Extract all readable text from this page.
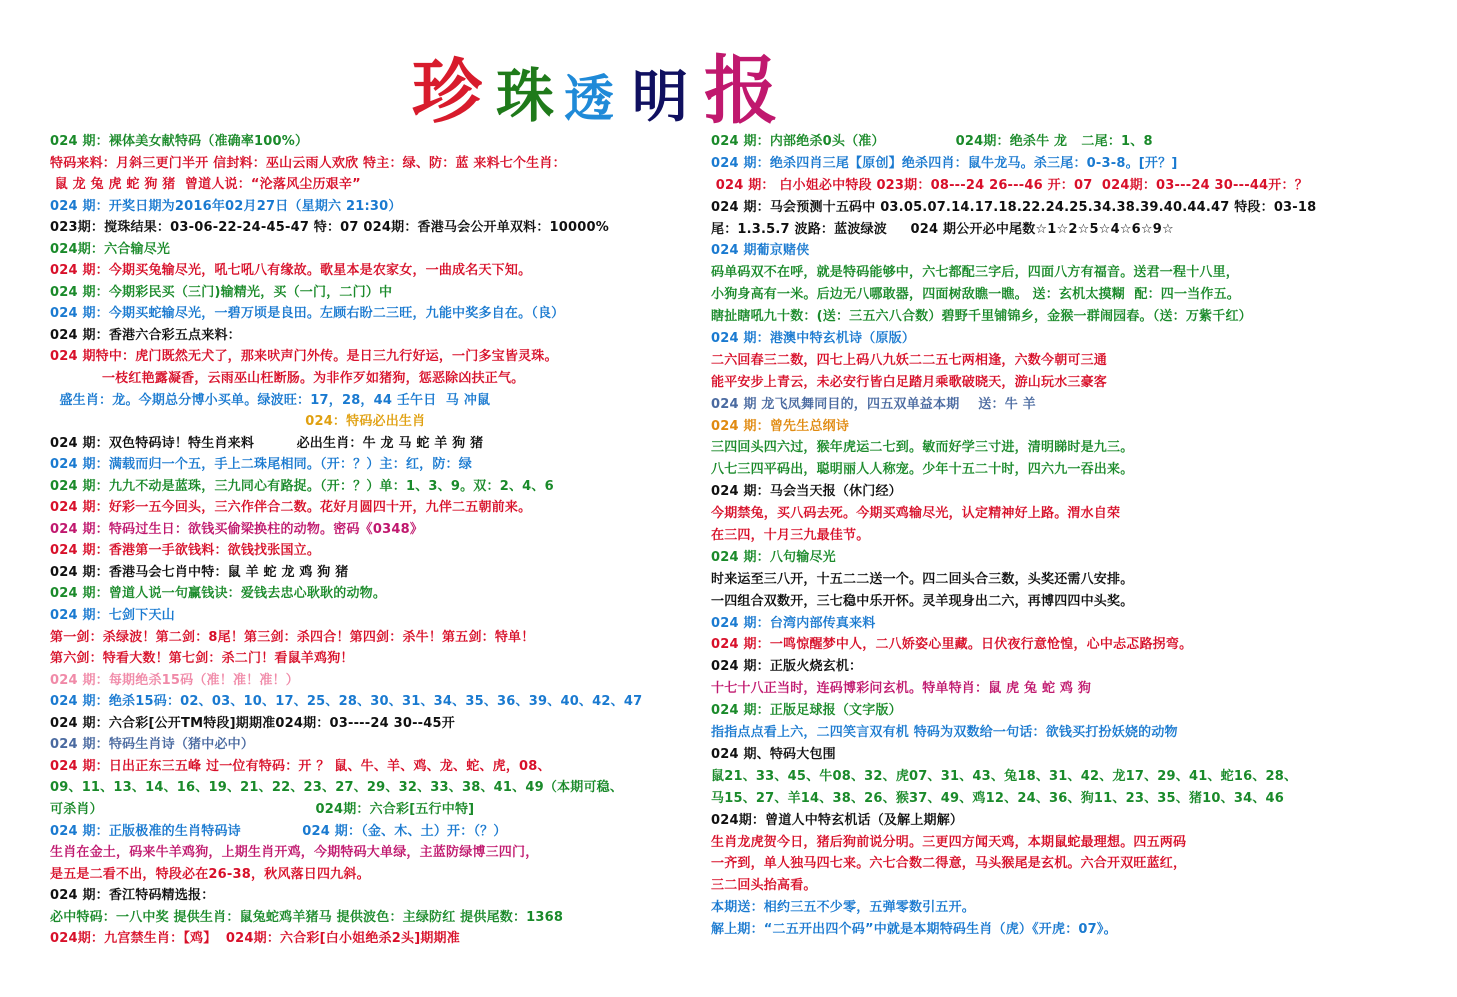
珍 珠 透 明 报
024 期：裸体美女献特码（准确率100%）
特码来料：月斜三更门半开 信封料：巫山云雨人欢欣 特主：绿、防：蓝 来料七个生肖：
鼠 龙 兔 虎 蛇 狗 猪  曾道人说：“沦落风尘历艰辛”
024 期：开奖日期为2016年02月27日（星期六 21:30）
023期：搅珠结果：03-06-22-24-45-47 特：07 024期：香港马会公开单双料：10000%
024期：六合输尽光
024 期：今期买兔输尽光，吼七吼八有缘故。歌星本是农家女，一曲成名天下知。
024 期：今期彩民买（三门)输精光，买（一门，二门）中
024 期：今期买蛇输尽光，一碧万顷是良田。左顾右盼二三旺，九能中奖多自在。（良）
024 期：香港六合彩五点来料：
024 期特中：虎门既然无犬了，那来吠声门外传。是日三九行好运，一门多宝皆灵珠。
一枝红艳露凝香，云雨巫山枉断肠。为非作歹如猪狗，惩恶除凶扶正气。
盛生肖：龙。今期总分博小买单。绿波旺：17，28，44 壬午日  马 冲鼠
024：特码必出生肖
024 期：双色特码诗！特生肖来料         必出生肖：牛 龙 马 蛇 羊 狗 猪
024 期：满载而归一个五，手上二珠尾相同。（开：？）主：红，防：绿
024 期：九九不动是蓝珠，三九同心有路捉。（开：？）单：1、3、9。双：2、4、6
024 期：好彩一五今回头，三六作伴合二数。花好月圆四十开，九伴二五朝前来。
024 期：特码过生日：欲钱买偷梁换柱的动物。密码《0348》
024 期：香港第一手欲钱料：欲钱找张国立。
024 期：香港马会七肖中特：鼠 羊 蛇 龙 鸡 狗 猪
024 期：曾道人说一句赢钱诀：爱钱去忠心耿耿的动物。
024 期：七剑下天山
第一剑：杀绿波！第二剑：8尾！第三剑：杀四合！第四剑：杀牛！第五剑：特单！
第六剑：特看大数！第七剑：杀二门！看鼠羊鸡狗！
024 期：每期绝杀15码（准！准！准！）
024 期：绝杀15码：02、03、10、17、25、28、30、31、34、35、36、39、40、42、47
024 期：六合彩[公开TM特段]期期准024期：03----24 30--45开
024 期：特码生肖诗（猪中必中）
024 期：日出正东三五峰 过一位有特码：开 ？ 鼠、牛、羊、鸡、龙、蛇、虎，08、
09、11、13、14、16、19、21、22、23、27、29、32、33、38、41、49（本期可稳、
可杀肖）                                             024期：六合彩[五行中特]
024 期：正版极准的生肖特码诗             024 期：（金、木、土）开：（？）
生肖在金土，码来牛羊鸡狗，上期生肖开鸡，今期特码大单绿，主蓝防绿博三四门，
是五是二看不出，特段必在26-38，秋风落日四九斜。
024 期：香江特码精选报：
必中特码：一八中奖 提供生肖：鼠兔蛇鸡羊猪马 提供波色：主绿防红 提供尾数：1368
024期：九宫禁生肖：【鸡】  024期：六合彩[白小姐绝杀2头]期期准
024 期：内部绝杀0头（准）               024期：绝杀牛 龙   二尾：1、8
024 期：绝杀四肖三尾【原创】绝杀四肖：鼠牛龙马。杀三尾：0-3-8。[开？]
024 期： 白小姐必中特段 023期：08---24 26---46 开：07  024期：03---24 30---44开：？
024 期：马会预测十五码中 03.05.07.14.17.18.22.24.25.34.38.39.40.44.47 特段：03-18
尾：1.3.5.7 波路：蓝波绿波     024 期公开必中尾数☆1☆2☆5☆4☆6☆9☆
024 期葡京赌侠
码单码双不在呼，就是特码能够中，六七都配三字后，四面八方有福音。送君一程十八里，
小狗身高有一米。后边无八哪敢器，四面树敌瞧一瞧。 送：玄机太摸糊  配：四一当作五。
瞎扯瞎吼九十数：(送：三五六八合数）碧野千里铺锦乡，金猴一群闹园春。（送：万紫千红）
024 期：港澳中特玄机诗（原版）
二六回春三二数，四七上码八九妖二二五七两相逢，六数今朝可三通
能平安步上青云，未必安行皆白足踏月乘歌破晓天，游山玩水三豪客
024 期 龙飞凤舞同目的，四五双单益本期    送：牛 羊
024 期：曾先生总纲诗
三四回头四六过，猴年虎运二七到。敏而好学三寸进，清明睇时是九三。
八七三四平码出，聪明丽人人称宠。少年十五二十时，四六九一吞出来。
024 期：马会当天报（休门经）
今期禁兔，买八码去死。今期买鸡输尽光，认定精神好上路。渭水自荣
在三四，十月三九最佳节。
024 期：八句输尽光
时来运至三八开，十五二二送一个。四二回头合三数，头奖还需八安排。
一四组合双数开，三七稳中乐开怀。灵羊现身出二六，再博四四中头奖。
024 期：台湾内部传真来料
024 期：一鸣惊醒梦中人，二八娇姿心里藏。日伏夜行意怆惶，心中忐忑路拐弯。
024 期：正版火烧玄机：
十七十八正当时，连码博彩问玄机。特单特肖：鼠 虎 兔 蛇 鸡 狗
024 期：正版足球报（文字版）
指指点点看上六，二四笑言双有机 特码为双数给一句话：欲钱买打扮妖娆的动物
024 期、特码大包围
鼠21、33、45、牛08、32、虎07、31、43、兔18、31、42、龙17、29、41、蛇16、28、
马15、27、羊14、38、26、猴37、49、鸡12、24、36、狗11、23、35、猪10、34、46
024期：曾道人中特玄机话（及解上期解）
生肖龙虎贺今日，猪后狗前说分明。三更四方闻天鸡，本期鼠蛇最理想。四五两码
一齐到，单人独马四七来。六七合数二得意，马头猴尾是玄机。六合开双旺蓝红，
三二回头抬高看。
本期送：相约三五不少零，五弹零数引五开。
解上期：“二五开出四个码”中就是本期特码生肖（虎）《开虎：07》。
